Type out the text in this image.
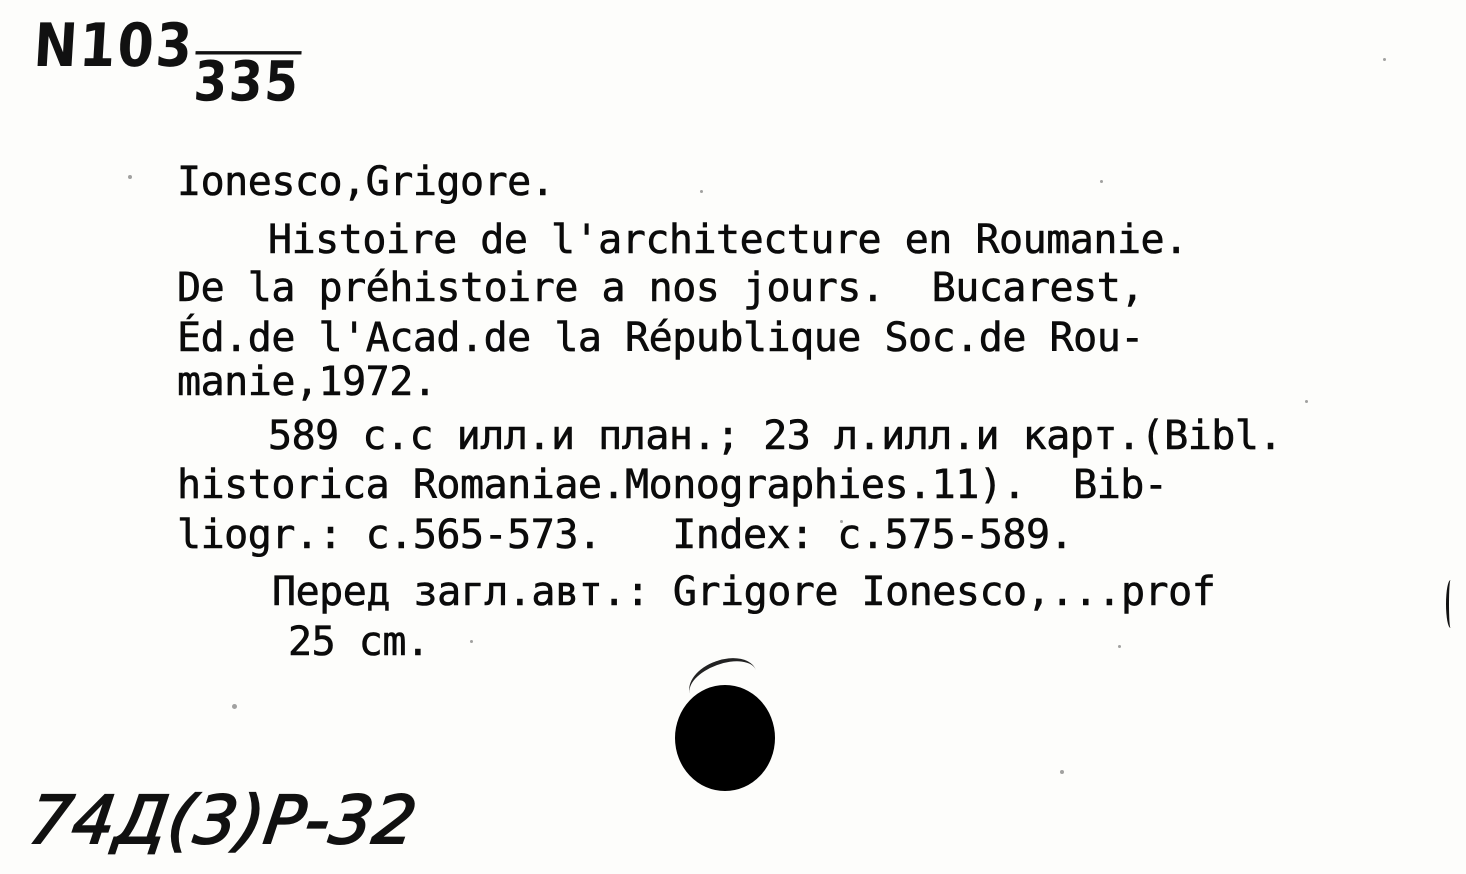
Ν103335
Ionesco,Grigore.
Histoire de l'architecture en Roumanie.
De la préhistoire a nos jours.  Bucarest,
Éd.de l'Acad.de la République Soc.de Rou-
manie,1972.
589 с.с илл.и план.; 23 л.илл.и карт.(Bibl.
historica Romaniae.Monographies.11).  Bib-
liogr.: с.565-573.   Index: с.575-589.
Перед загл.авт.: Grigore Ionesco,...prof
25 cm.
74Д(3)Р-32
